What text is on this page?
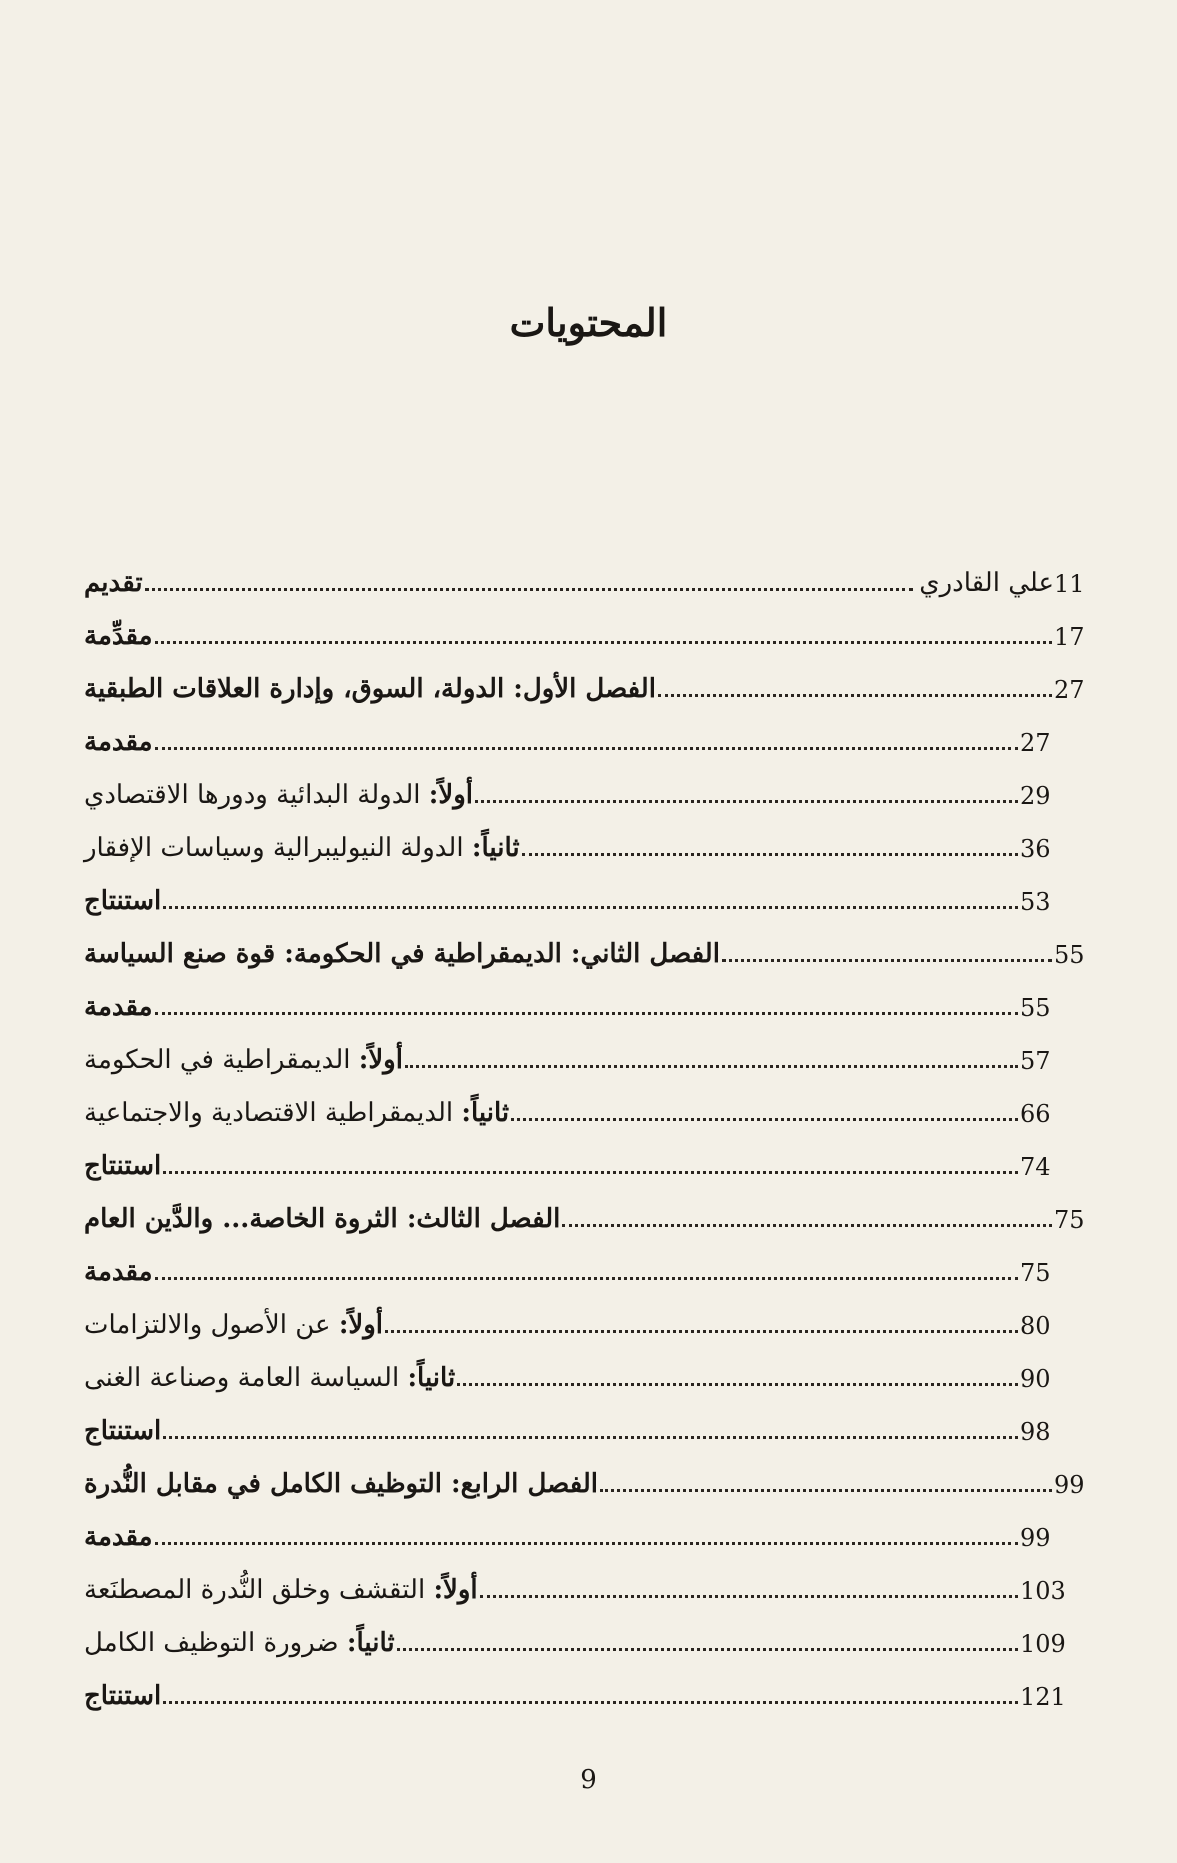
المحتويات
تقديم	علي القادري 11
مقدِّمة	17
الفصل الأول: الدولة، السوق، وإدارة العلاقات الطبقية	27
مقدمة	27
أولاً: الدولة البدائية ودورها الاقتصادي	29
ثانياً: الدولة النيوليبرالية وسياسات الإفقار	36
استنتاج	53
الفصل الثاني: الديمقراطية في الحكومة: قوة صنع السياسة	55
مقدمة	55
أولاً: الديمقراطية في الحكومة	57
ثانياً: الديمقراطية الاقتصادية والاجتماعية	66
استنتاج	74
الفصل الثالث: الثروة الخاصة... والدَّين العام	75
مقدمة	75
أولاً: عن الأصول والالتزامات	80
ثانياً: السياسة العامة وصناعة الغنى	90
استنتاج	98
الفصل الرابع: التوظيف الكامل في مقابل النُّدرة	99
مقدمة	99
أولاً: التقشف وخلق النُّدرة المصطنَعة	103
ثانياً: ضرورة التوظيف الكامل	109
استنتاج	121
9
